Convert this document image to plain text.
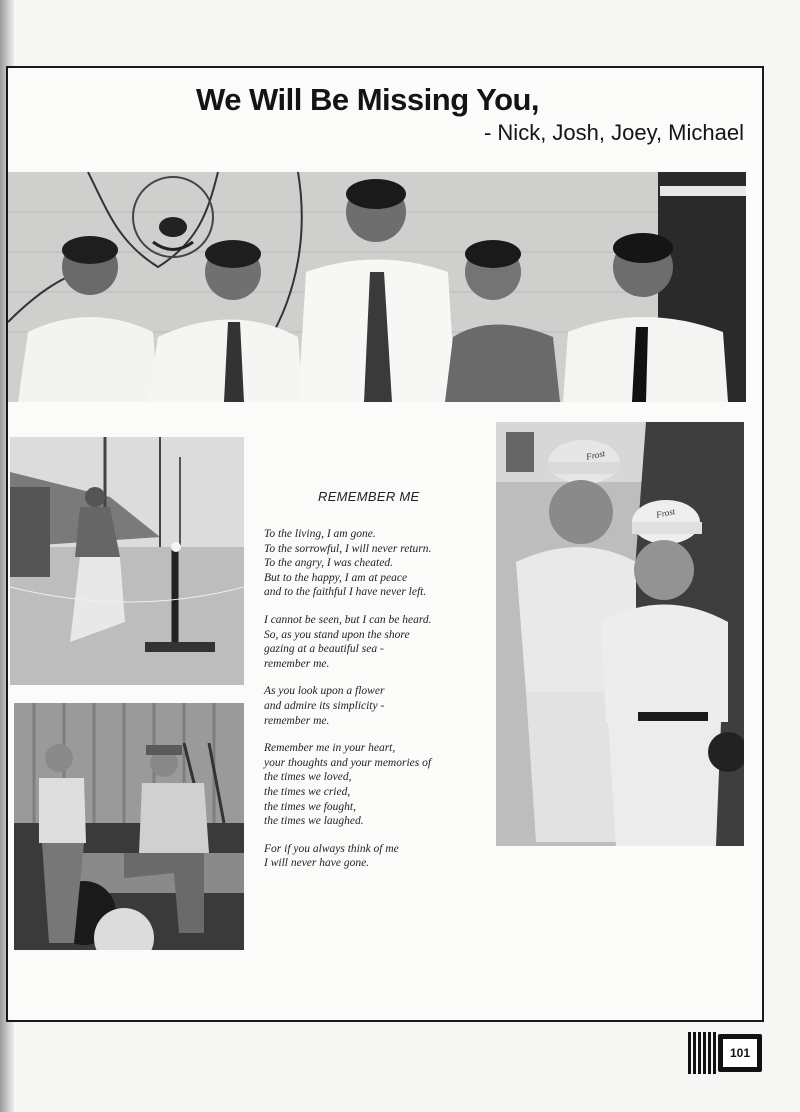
We Will Be Missing You,
- Nick, Josh, Joey, Michael
REMEMBER ME
To the living, I am gone.
To the sorrowful, I will never return.
To the angry, I was cheated.
But to the happy, I am at peace
and to the faithful I have never left.
I cannot be seen, but I can be heard.
So, as you stand upon the shore
gazing at a beautiful sea -
remember me.
As you look upon a flower
and admire its simplicity -
remember me.
Remember me in your heart,
your thoughts and your memories of
the times we loved,
the times we cried,
the times we fought,
the times we laughed.
For if you always think of me
I will never have gone.
Frost
Frost
101
